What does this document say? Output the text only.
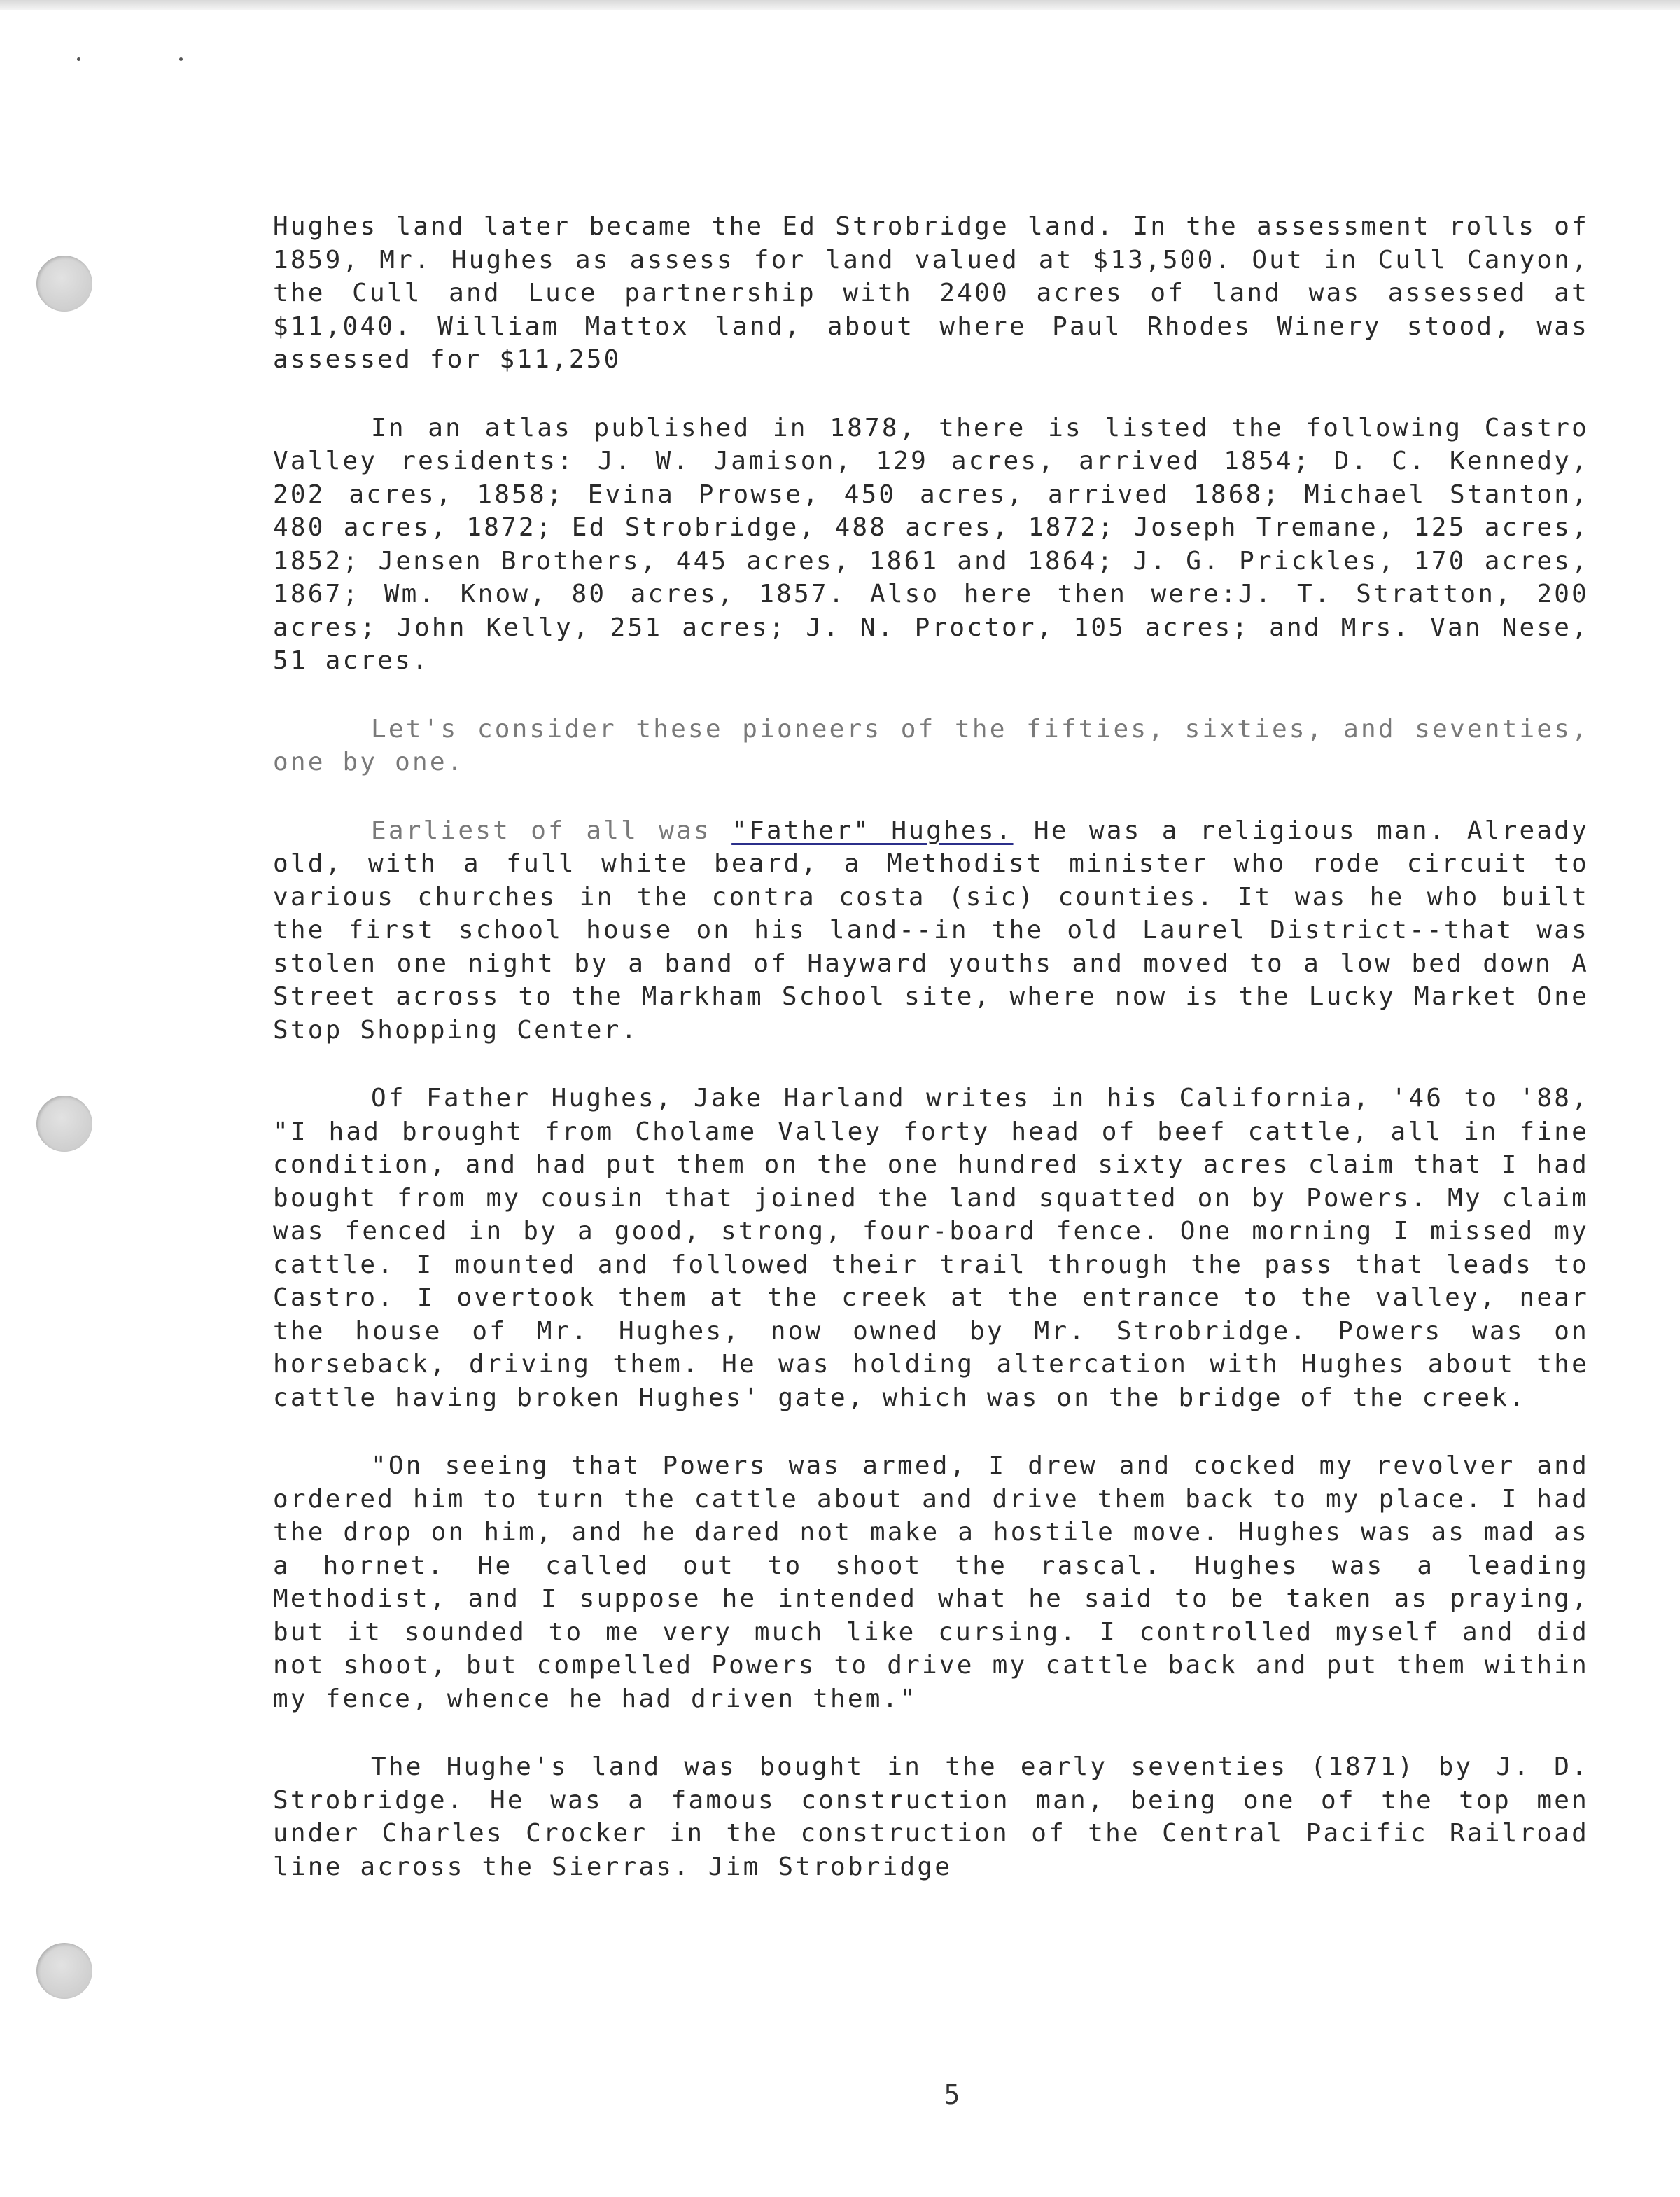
Hughes land later became the Ed Strobridge land. In the assessment rolls of 1859, Mr. Hughes as assess for land valued at $13,500. Out in Cull Canyon, the Cull and Luce partnership with 2400 acres of land was assessed at $11,040. William Mattox land, about where Paul Rhodes Winery stood, was assessed for $11,250

In an atlas published in 1878, there is listed the following Castro Valley residents: J. W. Jamison, 129 acres, arrived 1854; D. C. Kennedy, 202 acres, 1858; Evina Prowse, 450 acres, arrived 1868; Michael Stanton, 480 acres, 1872; Ed Strobridge, 488 acres, 1872; Joseph Tremane, 125 acres, 1852; Jensen Brothers, 445 acres, 1861 and 1864; J. G. Prickles, 170 acres, 1867; Wm. Know, 80 acres, 1857. Also here then were:J. T. Stratton, 200 acres; John Kelly, 251 acres; J. N. Proctor, 105 acres; and Mrs. Van Nese, 51 acres.

Let's consider these pioneers of the fifties, sixties, and seventies, one by one.

Earliest of all was "Father" Hughes. He was a religious man. Already old, with a full white beard, a Methodist minister who rode circuit to various churches in the contra costa (sic) counties. It was he who built the first school house on his land--in the old Laurel District--that was stolen one night by a band of Hayward youths and moved to a low bed down A Street across to the Markham School site, where now is the Lucky Market One Stop Shopping Center.

Of Father Hughes, Jake Harland writes in his California, '46 to '88, "I had brought from Cholame Valley forty head of beef cattle, all in fine condition, and had put them on the one hundred sixty acres claim that I had bought from my cousin that joined the land squatted on by Powers. My claim was fenced in by a good, strong, four-board fence. One morning I missed my cattle. I mounted and followed their trail through the pass that leads to Castro. I overtook them at the creek at the entrance to the valley, near the house of Mr. Hughes, now owned by Mr. Strobridge. Powers was on horseback, driving them. He was holding altercation with Hughes about the cattle having broken Hughes' gate, which was on the bridge of the creek.

"On seeing that Powers was armed, I drew and cocked my revolver and ordered him to turn the cattle about and drive them back to my place. I had the drop on him, and he dared not make a hostile move. Hughes was as mad as a hornet. He called out to shoot the rascal. Hughes was a leading Methodist, and I suppose he intended what he said to be taken as praying, but it sounded to me very much like cursing. I controlled myself and did not shoot, but compelled Powers to drive my cattle back and put them within my fence, whence he had driven them."

The Hughe's land was bought in the early seventies (1871) by J. D. Strobridge. He was a famous construction man, being one of the top men under Charles Crocker in the construction of the Central Pacific Railroad line across the Sierras. Jim Strobridge

5
